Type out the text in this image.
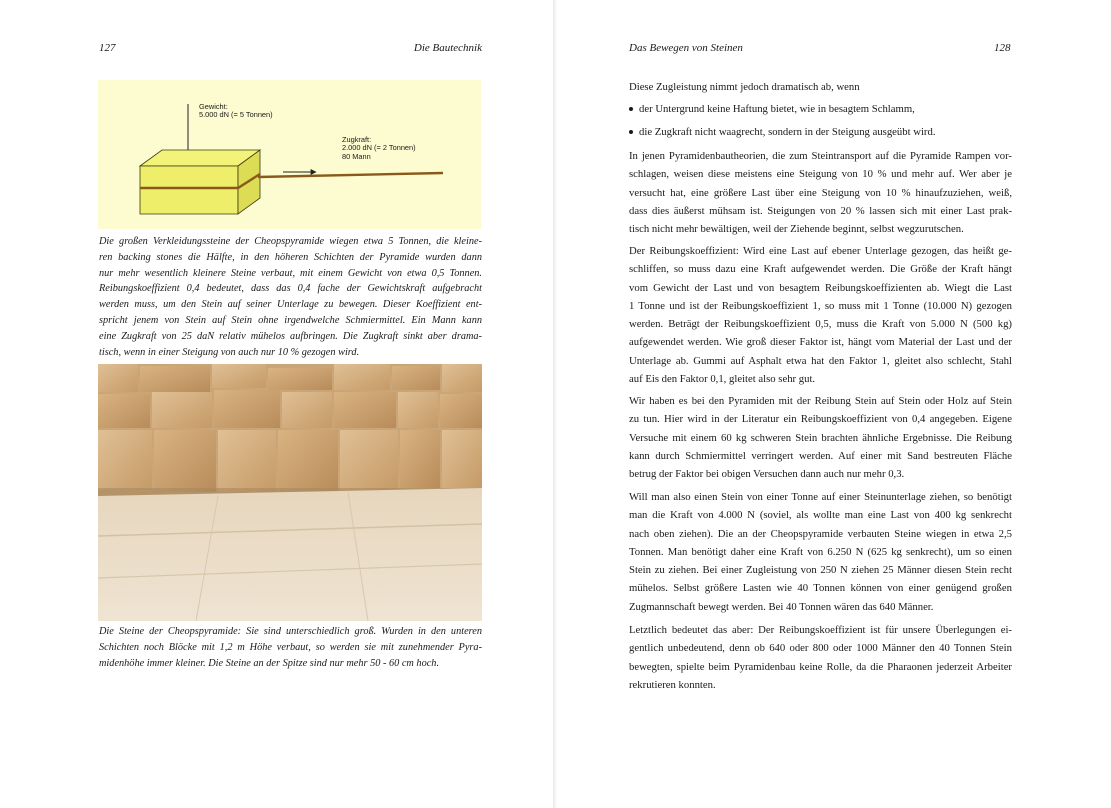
127	Die Bautechnik
Gewicht:
5.000 dN (= 5 Tonnen)
Zugkraft:
2.000 dN (= 2 Tonnen)
80 Mann
Die großen Verkleidungssteine der Cheopspyramide wiegen etwa 5 Tonnen, die kleine-
ren backing stones die Hälfte, in den höheren Schichten der Pyramide wurden dann
nur mehr wesentlich kleinere Steine verbaut, mit einem Gewicht von etwa 0,5 Tonnen.
Reibungskoeffizient 0,4 bedeutet, dass das 0,4 fache der Gewichtskraft aufgebracht
werden muss, um den Stein auf seiner Unterlage zu bewegen. Dieser Koeffizient ent-
spricht jenem von Stein auf Stein ohne irgendwelche Schmiermittel. Ein Mann kann
eine Zugkraft von 25 daN relativ mühelos aufbringen. Die Zugkraft sinkt aber drama-
tisch, wenn in einer Steigung von auch nur 10 % gezogen wird.
Die Steine der Cheopspyramide: Sie sind unterschiedlich groß. Wurden in den unteren
Schichten noch Blöcke mit 1,2 m Höhe verbaut, so werden sie mit zunehmender Pyra-
midenhöhe immer kleiner. Die Steine an der Spitze sind nur mehr 50 - 60 cm hoch.
Das Bewegen von Steinen	128
Diese Zugleistung nimmt jedoch dramatisch ab, wenn
der Untergrund keine Haftung bietet, wie in besagtem Schlamm,
die Zugkraft nicht waagrecht, sondern in der Steigung ausgeübt wird.
In jenen Pyramidenbautheorien, die zum Steintransport auf die Pyramide Rampen vor-
schlagen, weisen diese meistens eine Steigung von 10 % und mehr auf. Wer aber je
versucht hat, eine größere Last über eine Steigung von 10 % hinaufzuziehen, weiß,
dass dies äußerst mühsam ist. Steigungen von 20 % lassen sich mit einer Last prak-
tisch nicht mehr bewältigen, weil der Ziehende beginnt, selbst wegzurutschen.
Der Reibungskoeffizient: Wird eine Last auf ebener Unterlage gezogen, das heißt ge-
schliffen, so muss dazu eine Kraft aufgewendet werden. Die Größe der Kraft hängt
vom Gewicht der Last und von besagtem Reibungskoeffizienten ab. Wiegt die Last
1 Tonne und ist der Reibungskoeffizient 1, so muss mit 1 Tonne (10.000 N) gezogen
werden. Beträgt der Reibungskoeffizient 0,5, muss die Kraft von 5.000 N (500 kg)
aufgewendet werden. Wie groß dieser Faktor ist, hängt vom Material der Last und der
Unterlage ab. Gummi auf Asphalt etwa hat den Faktor 1, gleitet also schlecht, Stahl
auf Eis den Faktor 0,1, gleitet also sehr gut.
Wir haben es bei den Pyramiden mit der Reibung Stein auf Stein oder Holz auf Stein
zu tun. Hier wird in der Literatur ein Reibungskoeffizient von 0,4 angegeben. Eigene
Versuche mit einem 60 kg schweren Stein brachten ähnliche Ergebnisse. Die Reibung
kann durch Schmiermittel verringert werden. Auf einer mit Sand bestreuten Fläche
betrug der Faktor bei obigen Versuchen dann auch nur mehr 0,3.
Will man also einen Stein von einer Tonne auf einer Steinunterlage ziehen, so benötigt
man die Kraft von 4.000 N (soviel, als wollte man eine Last von 400 kg senkrecht
nach oben ziehen). Die an der Cheopspyramide verbauten Steine wiegen in etwa 2,5
Tonnen. Man benötigt daher eine Kraft von 6.250 N (625 kg senkrecht), um so einen
Stein zu ziehen. Bei einer Zugleistung von 250 N ziehen 25 Männer diesen Stein recht
mühelos. Selbst größere Lasten wie 40 Tonnen können von einer genügend großen
Zugmannschaft bewegt werden. Bei 40 Tonnen wären das 640 Männer.
Letztlich bedeutet das aber: Der Reibungskoeffizient ist für unsere Überlegungen ei-
gentlich unbedeutend, denn ob 640 oder 800 oder 1000 Männer den 40 Tonnen Stein
bewegten, spielte beim Pyramidenbau keine Rolle, da die Pharaonen jederzeit Arbeiter
rekrutieren konnten.
